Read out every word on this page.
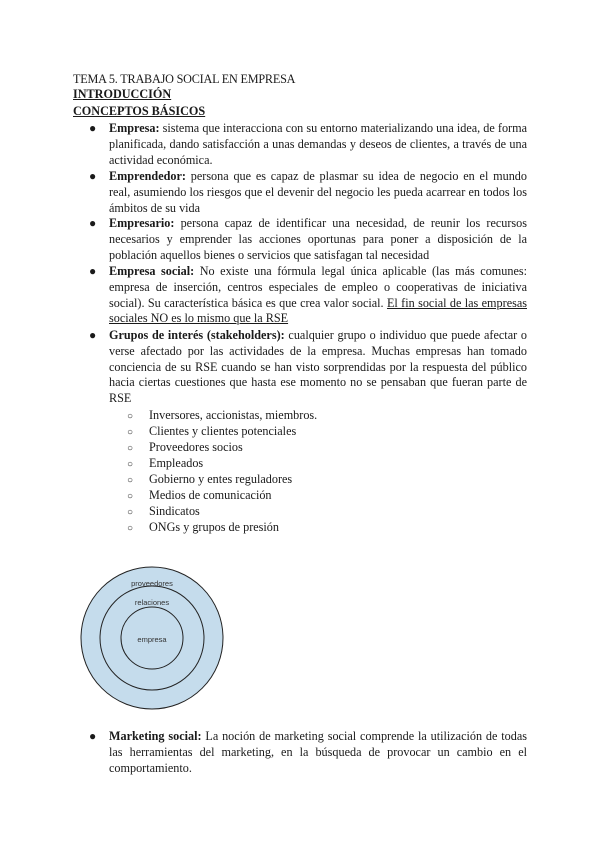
TEMA 5. TRABAJO SOCIAL EN EMPRESA
INTRODUCCIÓN
CONCEPTOS BÁSICOS
● Empresa: sistema que interacciona con su entorno materializando una idea, de forma planificada, dando satisfacción a unas demandas y deseos de clientes, a través de una actividad económica.
● Emprendedor: persona que es capaz de plasmar su idea de negocio en el mundo real, asumiendo los riesgos que el devenir del negocio les pueda acarrear en todos los ámbitos de su vida
● Empresario: persona capaz de identificar una necesidad, de reunir los recursos necesarios y emprender las acciones oportunas para poner a disposición de la población aquellos bienes o servicios que satisfagan tal necesidad
● Empresa social: No existe una fórmula legal única aplicable (las más comunes: empresa de inserción, centros especiales de empleo o cooperativas de iniciativa social). Su característica básica es que crea valor social. El fin social de las empresas sociales NO es lo mismo que la RSE
● Grupos de interés (stakeholders): cualquier grupo o individuo que puede afectar o verse afectado por las actividades de la empresa. Muchas empresas han tomado conciencia de su RSE cuando se han visto sorprendidas por la respuesta del público hacia ciertas cuestiones que hasta ese momento no se pensaban que fueran parte de RSE
○ Inversores, accionistas, miembros.
○ Clientes y clientes potenciales
○ Proveedores socios
○ Empleados
○ Gobierno y entes reguladores
○ Medios de comunicación
○ Sindicatos
○ ONGs y grupos de presión
proveedores
relaciones
empresa
● Marketing social: La noción de marketing social comprende la utilización de todas las herramientas del marketing, en la búsqueda de provocar un cambio en el comportamiento.
